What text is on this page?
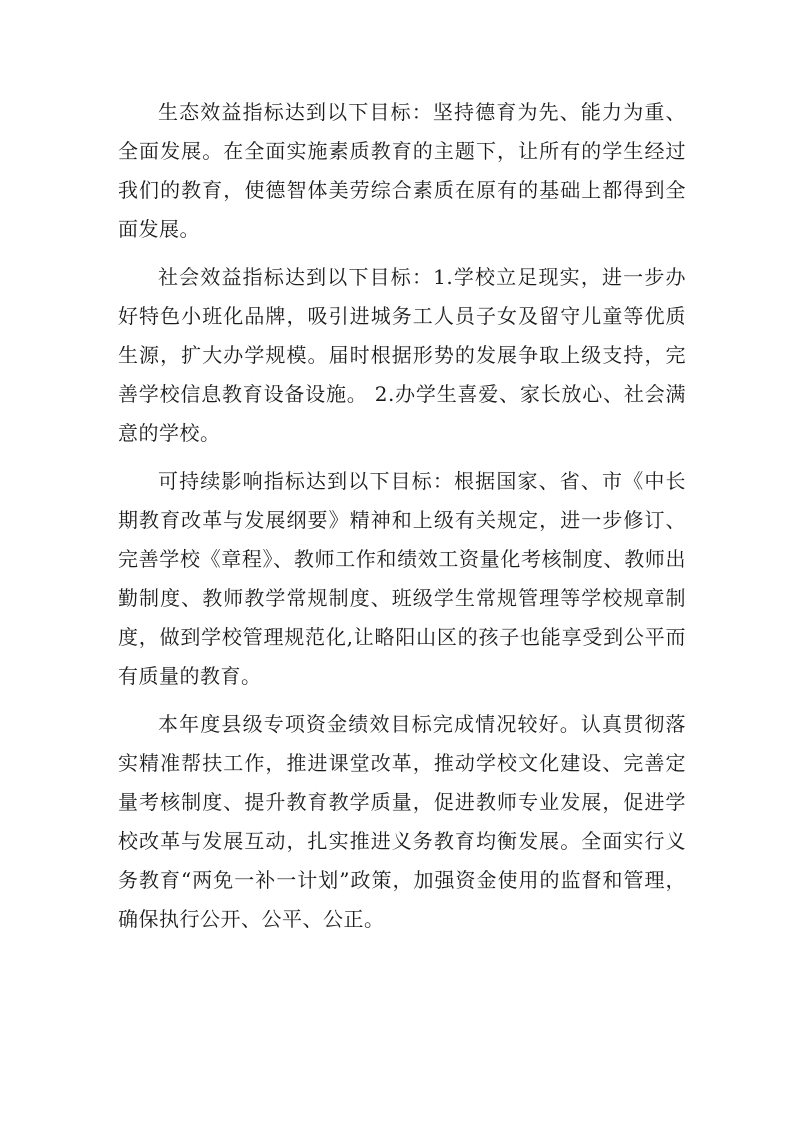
生态效益指标达到以下目标：坚持德育为先、能力为重、全面发展。在全面实施素质教育的主题下，让所有的学生经过我们的教育，使德智体美劳综合素质在原有的基础上都得到全面发展。

社会效益指标达到以下目标：1.学校立足现实，进一步办好特色小班化品牌，吸引进城务工人员子女及留守儿童等优质生源，扩大办学规模。届时根据形势的发展争取上级支持，完善学校信息教育设备设施。 2.办学生喜爱、家长放心、社会满意的学校。

可持续影响指标达到以下目标：根据国家、省、市《中长期教育改革与发展纲要》精神和上级有关规定，进一步修订、完善学校《章程》、教师工作和绩效工资量化考核制度、教师出勤制度、教师教学常规制度、班级学生常规管理等学校规章制度，做到学校管理规范化,让略阳山区的孩子也能享受到公平而有质量的教育。

本年度县级专项资金绩效目标完成情况较好。认真贯彻落实精准帮扶工作，推进课堂改革，推动学校文化建设、完善定量考核制度、提升教育教学质量，促进教师专业发展，促进学校改革与发展互动，扎实推进义务教育均衡发展。全面实行义务教育“两免一补一计划”政策，加强资金使用的监督和管理，确保执行公开、公平、公正。
